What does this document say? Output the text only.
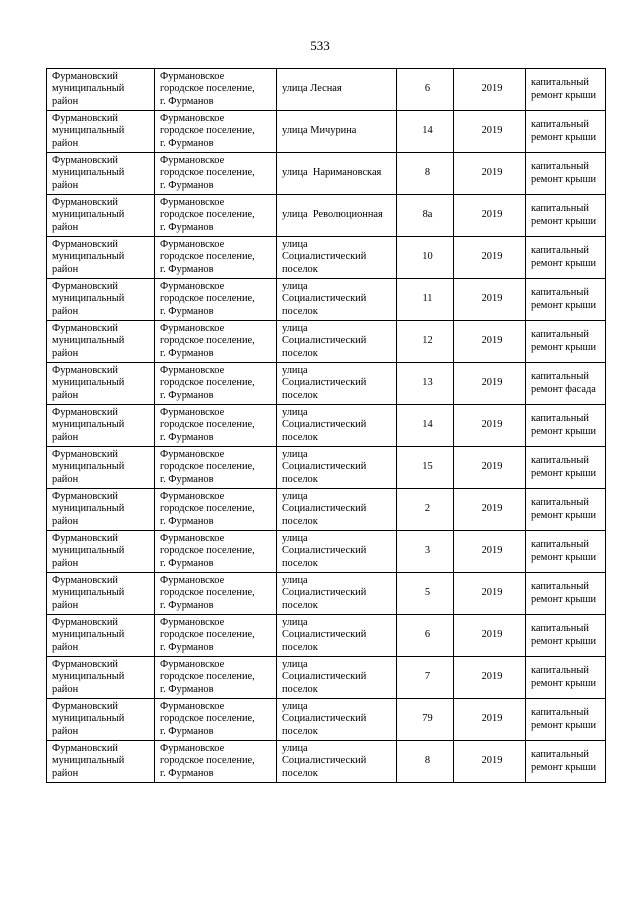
533
Фурмановский
муниципальный
район	Фурмановское
городское поселение,
г. Фурманов	улица Лесная	6	2019	капитальный
ремонт крыши

Фурмановский
муниципальный
район	Фурмановское
городское поселение,
г. Фурманов	улица Мичурина	14	2019	капитальный
ремонт крыши

Фурмановский
муниципальный
район	Фурмановское
городское поселение,
г. Фурманов	улица  Наримановская	8	2019	капитальный
ремонт крыши

Фурмановский
муниципальный
район	Фурмановское
городское поселение,
г. Фурманов	улица  Революционная	8а	2019	капитальный
ремонт крыши

Фурмановский
муниципальный
район	Фурмановское
городское поселение,
г. Фурманов	улица
Социалистический
поселок	10	2019	капитальный
ремонт крыши

Фурмановский
муниципальный
район	Фурмановское
городское поселение,
г. Фурманов	улица
Социалистический
поселок	11	2019	капитальный
ремонт крыши

Фурмановский
муниципальный
район	Фурмановское
городское поселение,
г. Фурманов	улица
Социалистический
поселок	12	2019	капитальный
ремонт крыши

Фурмановский
муниципальный
район	Фурмановское
городское поселение,
г. Фурманов	улица
Социалистический
поселок	13	2019	капитальный
ремонт фасада

Фурмановский
муниципальный
район	Фурмановское
городское поселение,
г. Фурманов	улица
Социалистический
поселок	14	2019	капитальный
ремонт крыши

Фурмановский
муниципальный
район	Фурмановское
городское поселение,
г. Фурманов	улица
Социалистический
поселок	15	2019	капитальный
ремонт крыши

Фурмановский
муниципальный
район	Фурмановское
городское поселение,
г. Фурманов	улица
Социалистический
поселок	2	2019	капитальный
ремонт крыши

Фурмановский
муниципальный
район	Фурмановское
городское поселение,
г. Фурманов	улица
Социалистический
поселок	3	2019	капитальный
ремонт крыши

Фурмановский
муниципальный
район	Фурмановское
городское поселение,
г. Фурманов	улица
Социалистический
поселок	5	2019	капитальный
ремонт крыши

Фурмановский
муниципальный
район	Фурмановское
городское поселение,
г. Фурманов	улица
Социалистический
поселок	6	2019	капитальный
ремонт крыши

Фурмановский
муниципальный
район	Фурмановское
городское поселение,
г. Фурманов	улица
Социалистический
поселок	7	2019	капитальный
ремонт крыши

Фурмановский
муниципальный
район	Фурмановское
городское поселение,
г. Фурманов	улица
Социалистический
поселок	79	2019	капитальный
ремонт крыши

Фурмановский
муниципальный
район	Фурмановское
городское поселение,
г. Фурманов	улица
Социалистический
поселок	8	2019	капитальный
ремонт крыши
